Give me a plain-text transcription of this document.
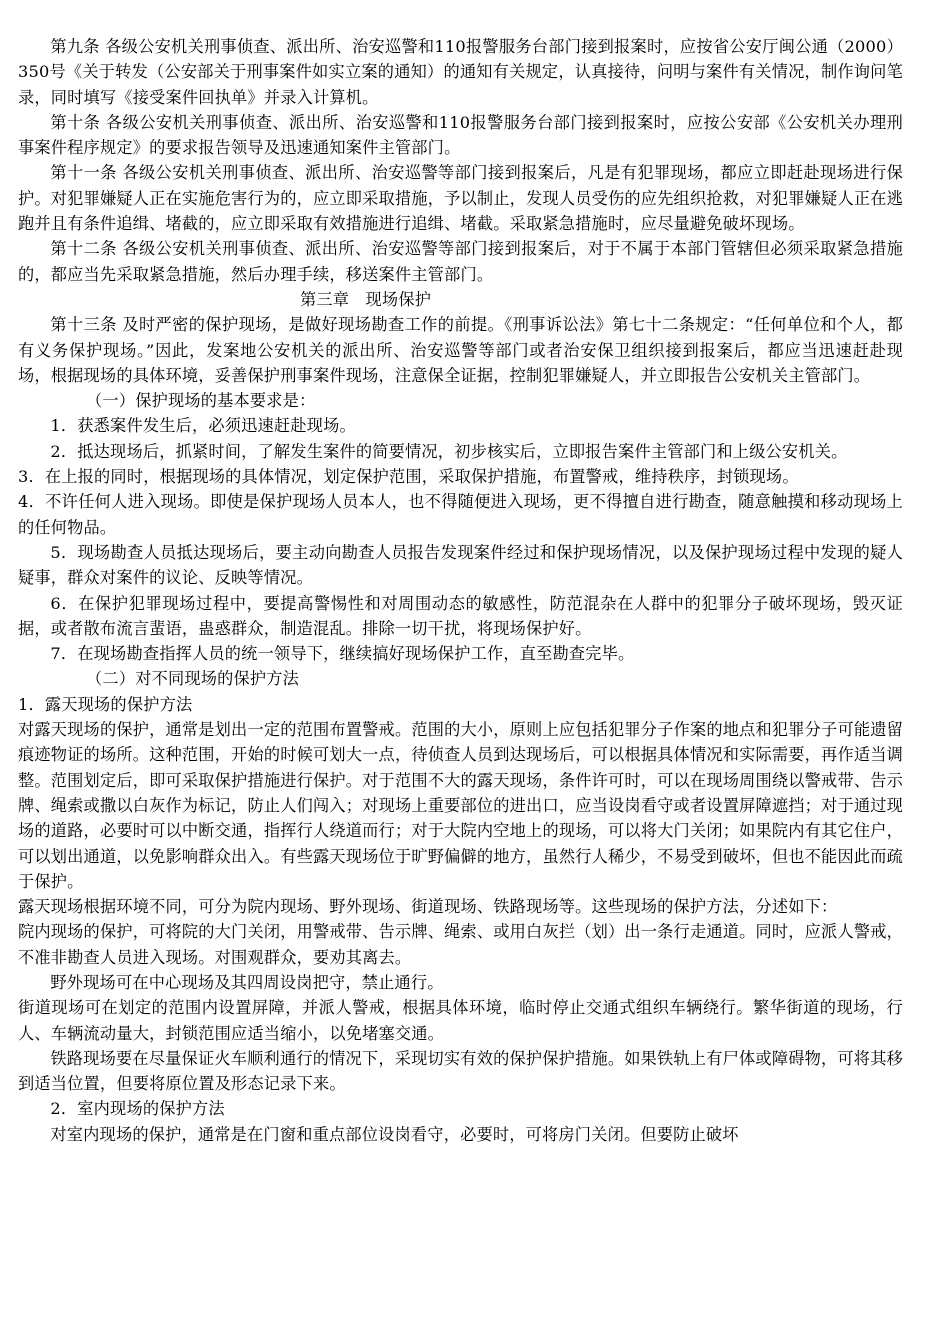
第九条 各级公安机关刑事侦查、派出所、治安巡警和110报警服务台部门接到报案时，应按省公安厅闽公通（2000）350号《关于转发（公安部关于刑事案件如实立案的通知）的通知有关规定，认真接待，问明与案件有关情况，制作询问笔录，同时填写《接受案件回执单》并录入计算机。

第十条 各级公安机关刑事侦查、派出所、治安巡警和110报警服务台部门接到报案时，应按公安部《公安机关办理刑事案件程序规定》的要求报告领导及迅速通知案件主管部门。

第十一条 各级公安机关刑事侦查、派出所、治安巡警等部门接到报案后，凡是有犯罪现场，都应立即赶赴现场进行保护。对犯罪嫌疑人正在实施危害行为的，应立即采取措施，予以制止，发现人员受伤的应先组织抢救，对犯罪嫌疑人正在逃跑并且有条件追缉、堵截的，应立即采取有效措施进行追缉、堵截。采取紧急措施时，应尽量避免破坏现场。

第十二条 各级公安机关刑事侦查、派出所、治安巡警等部门接到报案后，对于不属于本部门管辖但必须采取紧急措施的，都应当先采取紧急措施，然后办理手续，移送案件主管部门。

第三章　现场保护

第十三条 及时严密的保护现场，是做好现场勘查工作的前提。《刑事诉讼法》第七十二条规定：“任何单位和个人，都有义务保护现场。”因此，发案地公安机关的派出所、治安巡警等部门或者治安保卫组织接到报案后，都应当迅速赶赴现场，根据现场的具体环境，妥善保护刑事案件现场，注意保全证据，控制犯罪嫌疑人，并立即报告公安机关主管部门。

（一）保护现场的基本要求是：

1．获悉案件发生后，必须迅速赶赴现场。

2．抵达现场后，抓紧时间，了解发生案件的简要情况，初步核实后，立即报告案件主管部门和上级公安机关。

3．在上报的同时，根据现场的具体情况，划定保护范围，采取保护措施，布置警戒，维持秩序，封锁现场。

4．不许任何人进入现场。即使是保护现场人员本人，也不得随便进入现场，更不得擅自进行勘查，随意触摸和移动现场上的任何物品。

5．现场勘查人员抵达现场后，要主动向勘查人员报告发现案件经过和保护现场情况，以及保护现场过程中发现的疑人疑事，群众对案件的议论、反映等情况。

6．在保护犯罪现场过程中，要提高警惕性和对周围动态的敏感性，防范混杂在人群中的犯罪分子破坏现场，毁灭证据，或者散布流言蜚语，蛊惑群众，制造混乱。排除一切干扰，将现场保护好。

7．在现场勘查指挥人员的统一领导下，继续搞好现场保护工作，直至勘查完毕。

（二）对不同现场的保护方法

1．露天现场的保护方法

对露天现场的保护，通常是划出一定的范围布置警戒。范围的大小，原则上应包括犯罪分子作案的地点和犯罪分子可能遗留痕迹物证的场所。这种范围，开始的时候可划大一点，待侦查人员到达现场后，可以根据具体情况和实际需要，再作适当调整。范围划定后，即可采取保护措施进行保护。对于范围不大的露天现场，条件许可时，可以在现场周围绕以警戒带、告示牌、绳索或撒以白灰作为标记，防止人们闯入；对现场上重要部位的进出口，应当设岗看守或者设置屏障遮挡；对于通过现场的道路，必要时可以中断交通，指挥行人绕道而行；对于大院内空地上的现场，可以将大门关闭；如果院内有其它住户，可以划出通道，以免影响群众出入。有些露天现场位于旷野偏僻的地方，虽然行人稀少，不易受到破坏，但也不能因此而疏于保护。

露天现场根据环境不同，可分为院内现场、野外现场、街道现场、铁路现场等。这些现场的保护方法，分述如下：

院内现场的保护，可将院的大门关闭，用警戒带、告示牌、绳索、或用白灰拦（划）出一条行走通道。同时，应派人警戒，不准非勘查人员进入现场。对围观群众，要劝其离去。

野外现场可在中心现场及其四周设岗把守，禁止通行。

街道现场可在划定的范围内设置屏障，并派人警戒，根据具体环境，临时停止交通式组织车辆绕行。繁华街道的现场，行人、车辆流动量大，封锁范围应适当缩小，以免堵塞交通。

铁路现场要在尽量保证火车顺利通行的情况下，采现切实有效的保护保护措施。如果铁轨上有尸体或障碍物，可将其移到适当位置，但要将原位置及形态记录下来。

2．室内现场的保护方法

对室内现场的保护，通常是在门窗和重点部位设岗看守，必要时，可将房门关闭。但要防止破坏
